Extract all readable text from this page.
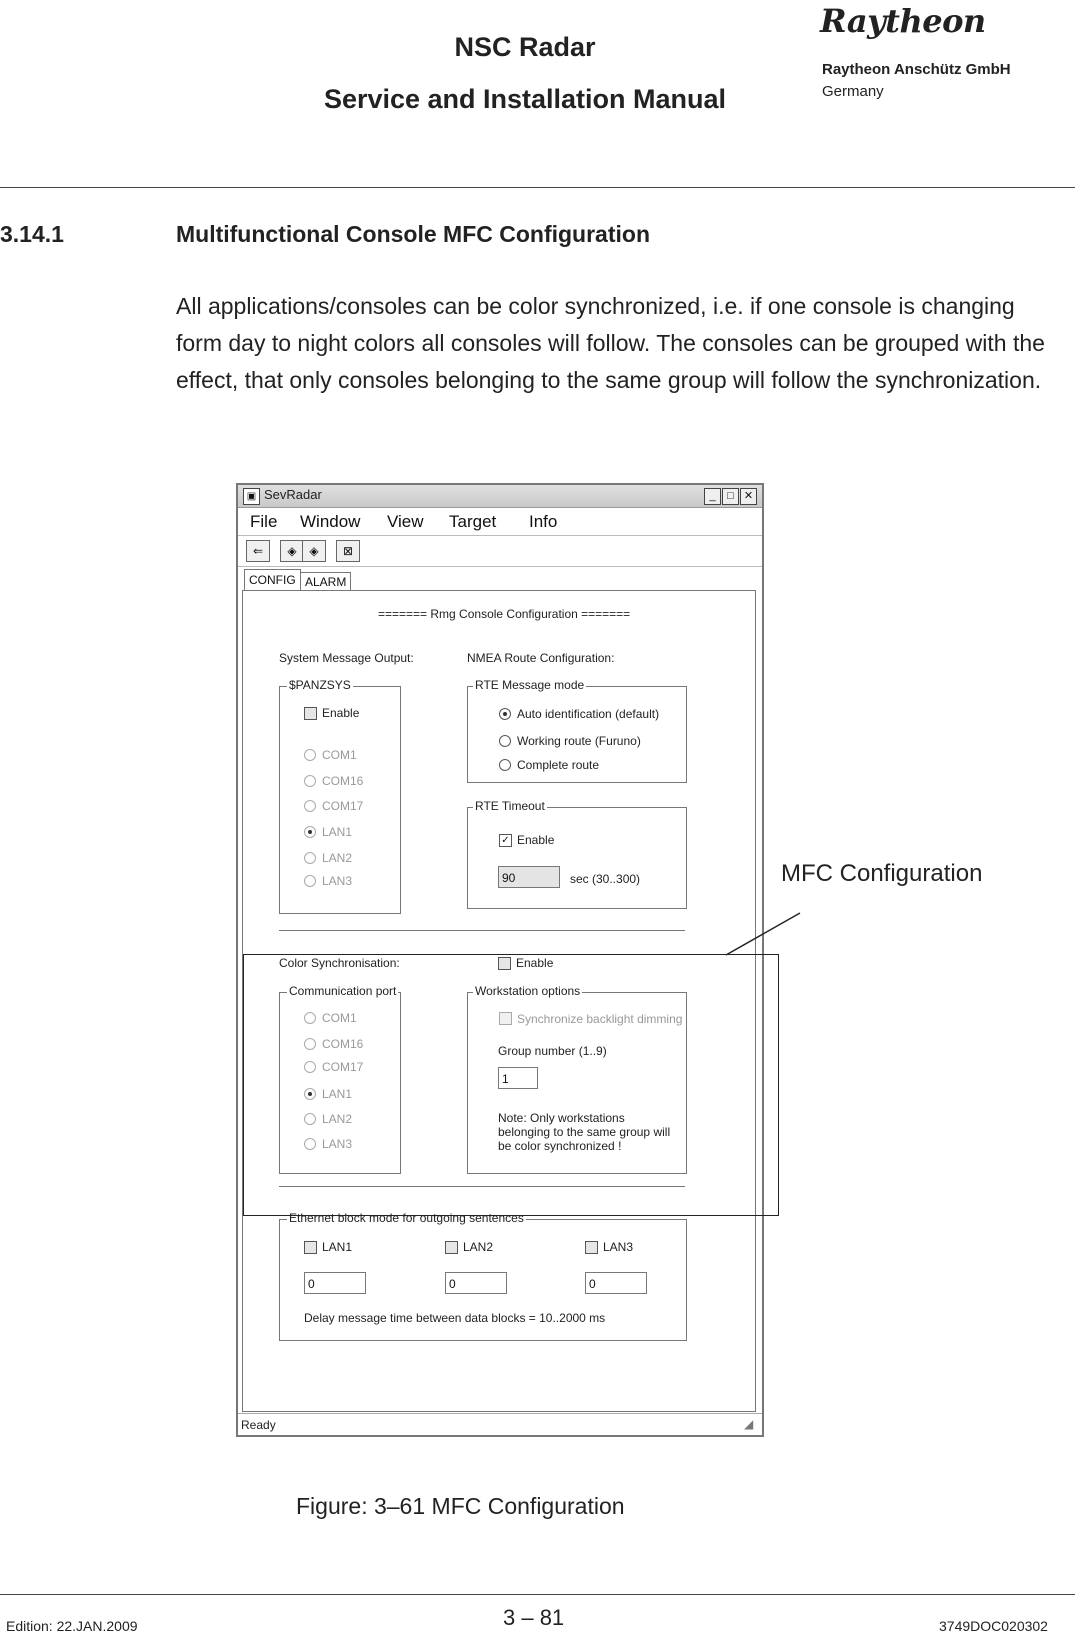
NSC Radar
Service and Installation Manual
Raytheon
Raytheon Anschütz GmbH
Germany
3.14.1	Multifunctional Console MFC Configuration
All applications/consoles can be color synchronized, i.e. if one console is changing form day to night colors all consoles will follow. The consoles can be grouped with the effect, that only consoles belonging to the same group will follow the synchronization.
▣ SevRadar	_	□ ✕
File Window View Target Info
⇐	◈	◈	⊠
CONFIG ALARM
======= Rmg Console Configuration =======
System Message Output:	NMEA Route Configuration:
$PANZSYS
Enable
COM1
COM16
COM17
LAN1
LAN2
LAN3
RTE Message mode
Auto identification (default)
Working route (Furuno)
Complete route
RTE Timeout
✓ Enable
90	sec (30..300)
Color Synchronisation:	Enable
Communication port
COM1
COM16
COM17
LAN1
LAN2
LAN3
Workstation options
Synchronize backlight dimming
Group number (1..9)
1
Note: Only workstations belonging to the same group will be color synchronized !
Ethernet block mode for outgoing sentences
LAN1	LAN2	LAN3
0	0	0
Delay message time between data blocks = 10..2000 ms
Ready	◢
MFC Configuration
Figure: 3–61 MFC Configuration
Edition: 22.JAN.2009	3 – 81	3749DOC020302
